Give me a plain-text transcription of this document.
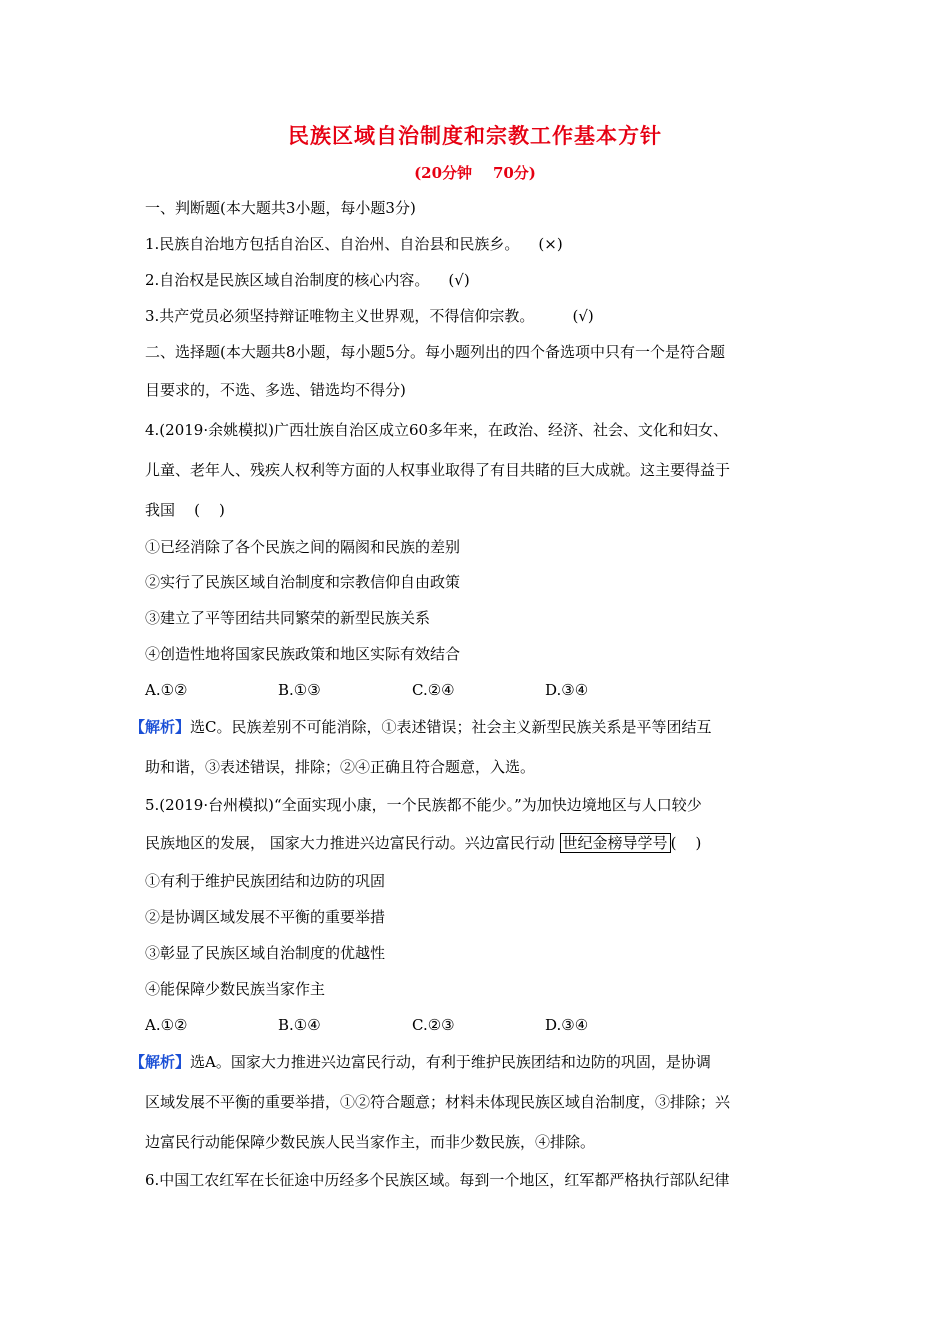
民族区域自治制度和宗教工作基本方针
(20分钟    70分)
一、判断题(本大题共3小题，每小题3分)
1.民族自治地方包括自治区、自治州、自治县和民族乡。 (×)
2.自治权是民族区域自治制度的核心内容。 (√)
3.共产党员必须坚持辩证唯物主义世界观，不得信仰宗教。	(√)
二、选择题(本大题共8小题，每小题5分。每小题列出的四个备选项中只有一个是符合题
目要求的，不选、多选、错选均不得分)
4.(2019·余姚模拟)广西壮族自治区成立60多年来，在政治、经济、社会、文化和妇女、
儿童、老年人、残疾人权利等方面的人权事业取得了有目共睹的巨大成就。这主要得益于
我国    (    )
①已经消除了各个民族之间的隔阂和民族的差别
②实行了民族区域自治制度和宗教信仰自由政策
③建立了平等团结共同繁荣的新型民族关系
④创造性地将国家民族政策和地区实际有效结合
A.①②	B.①③	C.②④	D.③④
【解析】选C。民族差别不可能消除，①表述错误；社会主义新型民族关系是平等团结互
助和谐，③表述错误，排除；②④正确且符合题意，入选。
5.(2019·台州模拟)“全面实现小康，一个民族都不能少。”为加快边境地区与人口较少
民族地区的发展， 国家大力推进兴边富民行动。兴边富民行动 世纪金榜导学号 (    )
①有利于维护民族团结和边防的巩固
②是协调区域发展不平衡的重要举措
③彰显了民族区域自治制度的优越性
④能保障少数民族当家作主
A.①②	B.①④	C.②③	D.③④
【解析】选A。国家大力推进兴边富民行动，有利于维护民族团结和边防的巩固，是协调
区域发展不平衡的重要举措，①②符合题意；材料未体现民族区域自治制度，③排除；兴
边富民行动能保障少数民族人民当家作主，而非少数民族，④排除。
6.中国工农红军在长征途中历经多个民族区域。每到一个地区，红军都严格执行部队纪律
